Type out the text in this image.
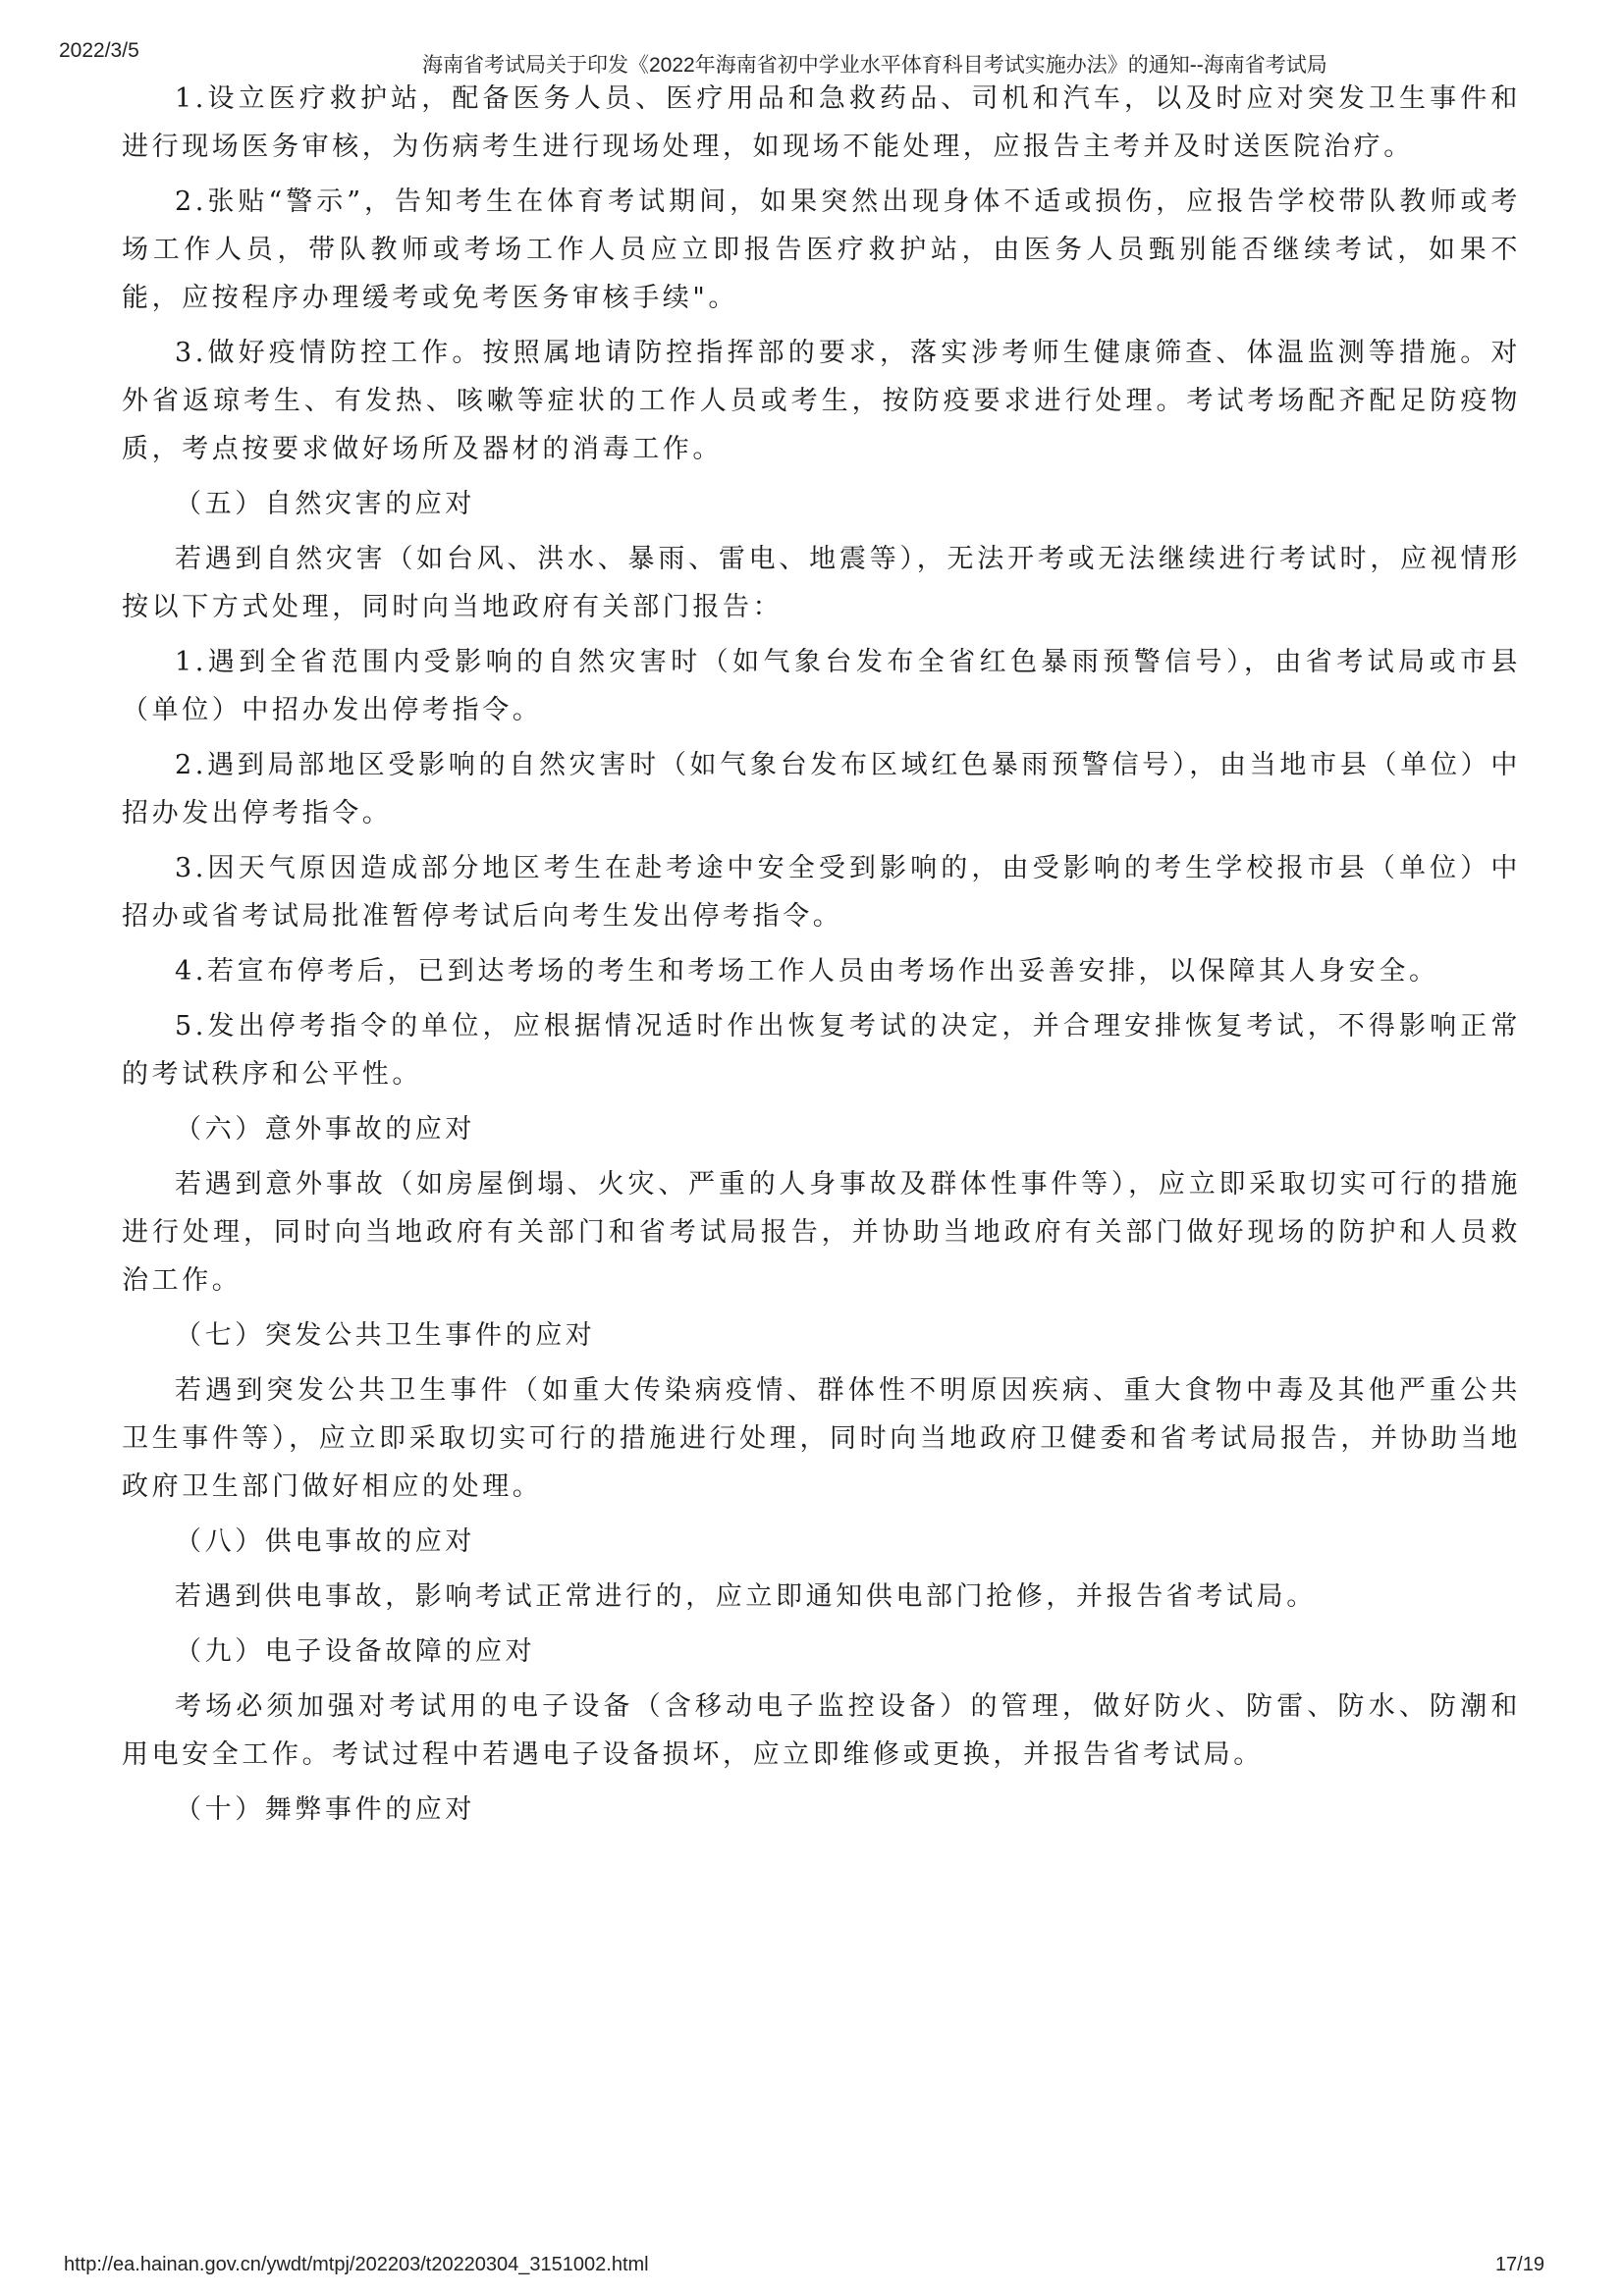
2022/3/5
海南省考试局关于印发《2022年海南省初中学业水平体育科目考试实施办法》的通知--海南省考试局

1.设立医疗救护站，配备医务人员、医疗用品和急救药品、司机和汽车，以及时应对突发卫生事件和进行现场医务审核，为伤病考生进行现场处理，如现场不能处理，应报告主考并及时送医院治疗。

2.张贴“警示”，告知考生在体育考试期间，如果突然出现身体不适或损伤，应报告学校带队教师或考场工作人员，带队教师或考场工作人员应立即报告医疗救护站，由医务人员甄别能否继续考试，如果不能，应按程序办理缓考或免考医务审核手续"。

3.做好疫情防控工作。按照属地请防控指挥部的要求，落实涉考师生健康筛查、体温监测等措施。对外省返琼考生、有发热、咳嗽等症状的工作人员或考生，按防疫要求进行处理。考试考场配齐配足防疫物质，考点按要求做好场所及器材的消毒工作。

（五）自然灾害的应对

若遇到自然灾害（如台风、洪水、暴雨、雷电、地震等），无法开考或无法继续进行考试时，应视情形按以下方式处理，同时向当地政府有关部门报告：

1.遇到全省范围内受影响的自然灾害时（如气象台发布全省红色暴雨预警信号），由省考试局或市县（单位）中招办发出停考指令。

2.遇到局部地区受影响的自然灾害时（如气象台发布区域红色暴雨预警信号），由当地市县（单位）中招办发出停考指令。

3.因天气原因造成部分地区考生在赴考途中安全受到影响的，由受影响的考生学校报市县（单位）中招办或省考试局批准暂停考试后向考生发出停考指令。

4.若宣布停考后，已到达考场的考生和考场工作人员由考场作出妥善安排，以保障其人身安全。

5.发出停考指令的单位，应根据情况适时作出恢复考试的决定，并合理安排恢复考试，不得影响正常的考试秩序和公平性。

（六）意外事故的应对

若遇到意外事故（如房屋倒塌、火灾、严重的人身事故及群体性事件等），应立即采取切实可行的措施进行处理，同时向当地政府有关部门和省考试局报告，并协助当地政府有关部门做好现场的防护和人员救治工作。

（七）突发公共卫生事件的应对

若遇到突发公共卫生事件（如重大传染病疫情、群体性不明原因疾病、重大食物中毒及其他严重公共卫生事件等），应立即采取切实可行的措施进行处理，同时向当地政府卫健委和省考试局报告，并协助当地政府卫生部门做好相应的处理。

（八）供电事故的应对

若遇到供电事故，影响考试正常进行的，应立即通知供电部门抢修，并报告省考试局。

（九）电子设备故障的应对

考场必须加强对考试用的电子设备（含移动电子监控设备）的管理，做好防火、防雷、防水、防潮和用电安全工作。考试过程中若遇电子设备损坏，应立即维修或更换，并报告省考试局。

（十）舞弊事件的应对

http://ea.hainan.gov.cn/ywdt/mtpj/202203/t20220304_3151002.html	17/19
